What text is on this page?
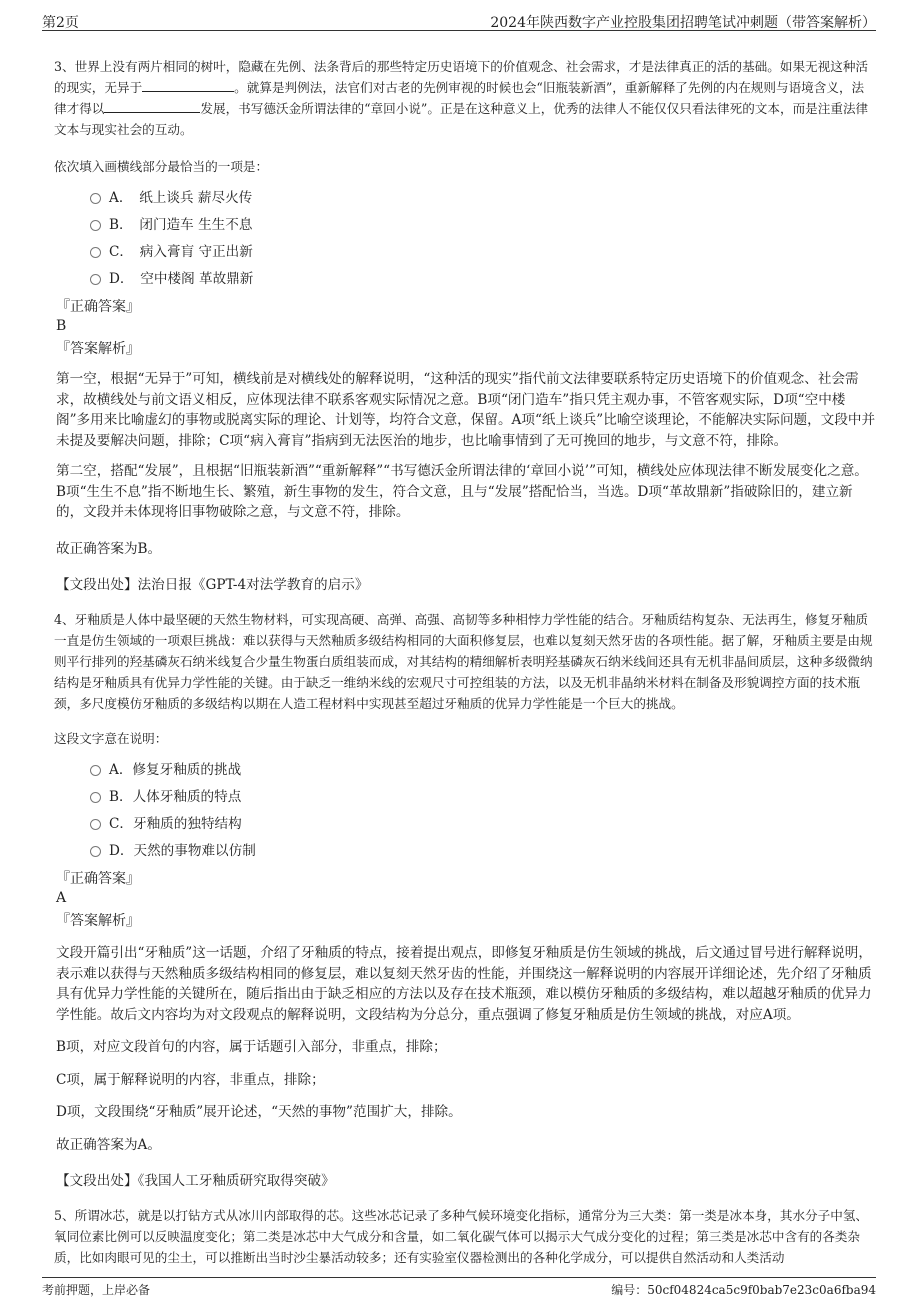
第2页	2024年陕西数字产业控股集团招聘笔试冲刺题（带答案解析）

3、世界上没有两片相同的树叶，隐藏在先例、法条背后的那些特定历史语境下的价值观念、社会需求，才是法律真正的活的基础。如果无视这种活的现实，无异于	。就算是判例法，法官们对古老的先例审视的时候也会“旧瓶装新酒”，重新解释了先例的内在规则与语境含义，法律才得以	发展，书写德沃金所谓法律的“章回小说”。正是在这种意义上，优秀的法律人不能仅仅只看法律死的文本，而是注重法律文本与现实社会的互动。

依次填入画横线部分最恰当的一项是：
A．　纸上谈兵 薪尽火传
B．　闭门造车 生生不息
C．　病入膏肓 守正出新
D．　空中楼阁 革故鼎新
『正确答案』
B
『答案解析』

第一空，根据“无异于”可知，横线前是对横线处的解释说明，“这种活的现实”指代前文法律要联系特定历史语境下的价值观念、社会需求，故横线处与前文语义相反，应体现法律不联系客观实际情况之意。B项“闭门造车”指只凭主观办事，不管客观实际，D项“空中楼阁”多用来比喻虚幻的事物或脱离实际的理论、计划等，均符合文意，保留。A项“纸上谈兵”比喻空谈理论，不能解决实际问题，文段中并未提及要解决问题，排除；C项“病入膏肓”指病到无法医治的地步，也比喻事情到了无可挽回的地步，与文意不符，排除。

第二空，搭配“发展”，且根据“旧瓶装新酒”“重新解释”“书写德沃金所谓法律的‘章回小说’”可知，横线处应体现法律不断发展变化之意。B项“生生不息”指不断地生长、繁殖，新生事物的发生，符合文意，且与“发展”搭配恰当，当选。D项“革故鼎新”指破除旧的，建立新的，文段并未体现将旧事物破除之意，与文意不符，排除。

故正确答案为B。

【文段出处】法治日报《GPT-4对法学教育的启示》

4、牙釉质是人体中最坚硬的天然生物材料，可实现高硬、高弹、高强、高韧等多种相悖力学性能的结合。牙釉质结构复杂、无法再生，修复牙釉质一直是仿生领域的一项艰巨挑战：难以获得与天然釉质多级结构相同的大面积修复层，也难以复刻天然牙齿的各项性能。据了解，牙釉质主要是由规则平行排列的羟基磷灰石纳米线复合少量生物蛋白质组装而成，对其结构的精细解析表明羟基磷灰石纳米线间还具有无机非晶间质层，这种多级微纳结构是牙釉质具有优异力学性能的关键。由于缺乏一维纳米线的宏观尺寸可控组装的方法，以及无机非晶纳米材料在制备及形貌调控方面的技术瓶颈，多尺度模仿牙釉质的多级结构以期在人造工程材料中实现甚至超过牙釉质的优异力学性能是一个巨大的挑战。

这段文字意在说明：
A．修复牙釉质的挑战
B．人体牙釉质的特点
C．牙釉质的独特结构
D．天然的事物难以仿制
『正确答案』
A
『答案解析』

文段开篇引出“牙釉质”这一话题，介绍了牙釉质的特点，接着提出观点，即修复牙釉质是仿生领域的挑战，后文通过冒号进行解释说明，表示难以获得与天然釉质多级结构相同的修复层，难以复刻天然牙齿的性能，并围绕这一解释说明的内容展开详细论述，先介绍了牙釉质具有优异力学性能的关键所在，随后指出由于缺乏相应的方法以及存在技术瓶颈，难以模仿牙釉质的多级结构，难以超越牙釉质的优异力学性能。故后文内容均为对文段观点的解释说明，文段结构为分总分，重点强调了修复牙釉质是仿生领域的挑战，对应A项。

B项，对应文段首句的内容，属于话题引入部分，非重点，排除；

C项，属于解释说明的内容，非重点，排除；

D项，文段围绕“牙釉质”展开论述，“天然的事物”范围扩大，排除。

故正确答案为A。

【文段出处】《我国人工牙釉质研究取得突破》

5、所谓冰芯，就是以打钻方式从冰川内部取得的芯。这些冰芯记录了多种气候环境变化指标，通常分为三大类：第一类是冰本身，其水分子中氢、氧同位素比例可以反映温度变化；第二类是冰芯中大气成分和含量，如二氧化碳气体可以揭示大气成分变化的过程；第三类是冰芯中含有的各类杂质，比如肉眼可见的尘土，可以推断出当时沙尘暴活动较多；还有实验室仪器检测出的各种化学成分，可以提供自然活动和人类活动

考前押题，上岸必备	编号：50cf04824ca5c9f0bab7e23c0a6fba94
